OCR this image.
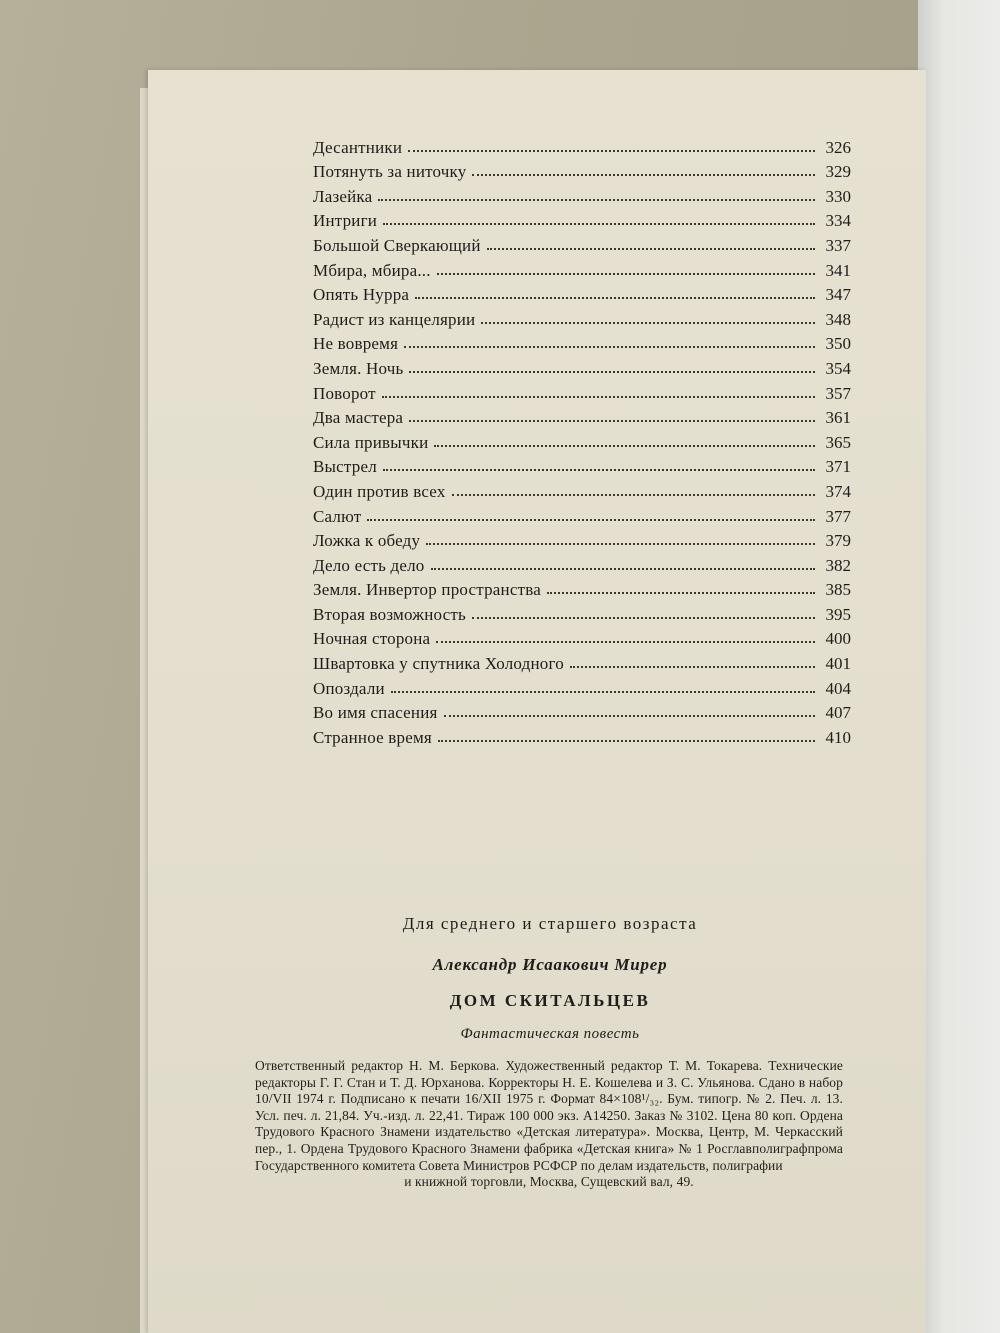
Десантники	326
Потянуть за ниточку	329
Лазейка	330
Интриги	334
Большой Сверкающий	337
Мбира, мбира...	341
Опять Нурра	347
Радист из канцелярии	348
Не вовремя	350
Земля. Ночь	354
Поворот	357
Два мастера	361
Сила привычки	365
Выстрел	371
Один против всех	374
Салют	377
Ложка к обеду	379
Дело есть дело	382
Земля. Инвертор пространства	385
Вторая возможность	395
Ночная сторона	400
Швартовка у спутника Холодного	401
Опоздали	404
Во имя спасения	407
Странное время	410
Для среднего и старшего возраста
Александр Исаакович Мирер
ДОМ СКИТАЛЬЦЕВ
Фантастическая повесть
Ответственный редактор Н. М. Беркова. Художественный редактор Т. М. Токарева. Технические редакторы Г. Г. Стан и Т. Д. Юрханова. Корректоры Н. Е. Кошелева и З. С. Ульянова. Сдано в набор 10/VII 1974 г. Подписано к печати 16/XII 1975 г. Формат 84×108¹/₃₂. Бум. типогр. № 2. Печ. л. 13. Усл. печ. л. 21,84. Уч.-изд. л. 22,41. Тираж 100 000 экз. А14250. Заказ № 3102. Цена 80 коп. Ордена Трудового Красного Знамени издательство «Детская литература». Москва, Центр, М. Черкасский пер., 1. Ордена Трудового Красного Знамени фабрика «Детская книга» № 1 Росглавполиграфпрома Государственного комитета Совета Министров РСФСР по делам издательств, полиграфии
и книжной торговли, Москва, Сущевский вал, 49.
